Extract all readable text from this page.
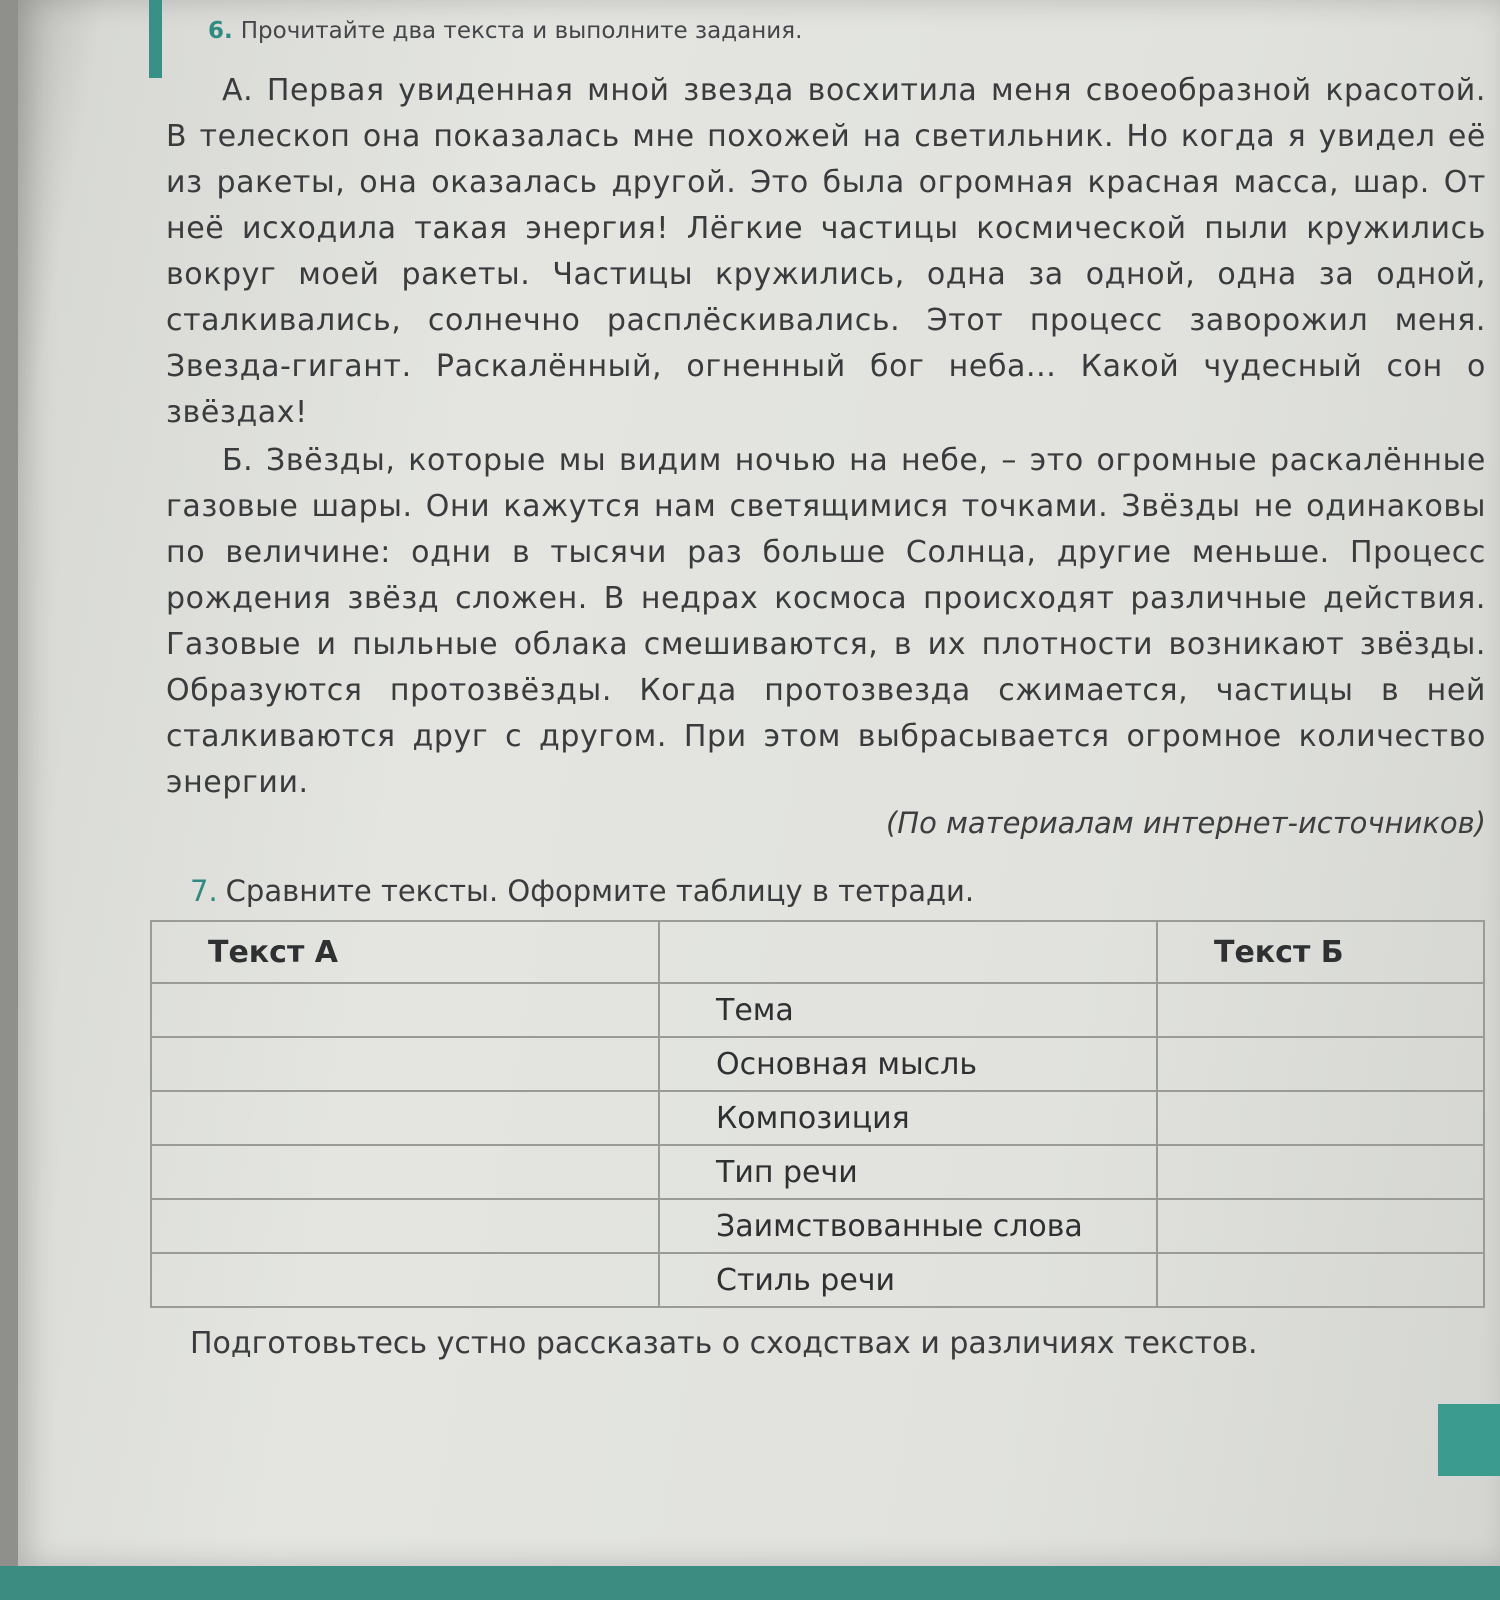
6. Прочитайте два текста и выполните задания.

А. Первая увиденная мной звезда восхитила меня своеобразной красотой. В телескоп она показалась мне похожей на светильник. Но когда я увидел её из ракеты, она оказалась другой. Это была огромная красная масса, шар. От неё исходила такая энергия! Лёгкие частицы космической пыли кружились вокруг моей ракеты. Частицы кружились, одна за одной, одна за одной, сталкивались, солнечно расплёскивались. Этот процесс заворожил меня. Звезда-гигант. Раскалённый, огненный бог неба... Какой чудесный сон о звёздах!

Б. Звёзды, которые мы видим ночью на небе, – это огромные раскалённые газовые шары. Они кажутся нам светящимися точками. Звёзды не одинаковы по величине: одни в тысячи раз больше Солнца, другие меньше. Процесс рождения звёзд сложен. В недрах космоса происходят различные действия. Газовые и пыльные облака смешиваются, в их плотности возникают звёзды. Образуются протозвёзды. Когда протозвезда сжимается, частицы в ней сталкиваются друг с другом. При этом выбрасывается огромное количество энергии.

(По материалам интернет-источников)
7. Сравните тексты. Оформите таблицу в тетради.
Текст А		Текст Б
	Тема	
	Основная мысль	
	Композиция	
	Тип речи	
	Заимствованные слова	
	Стиль речи	
Подготовьтесь устно рассказать о сходствах и различиях текстов.
